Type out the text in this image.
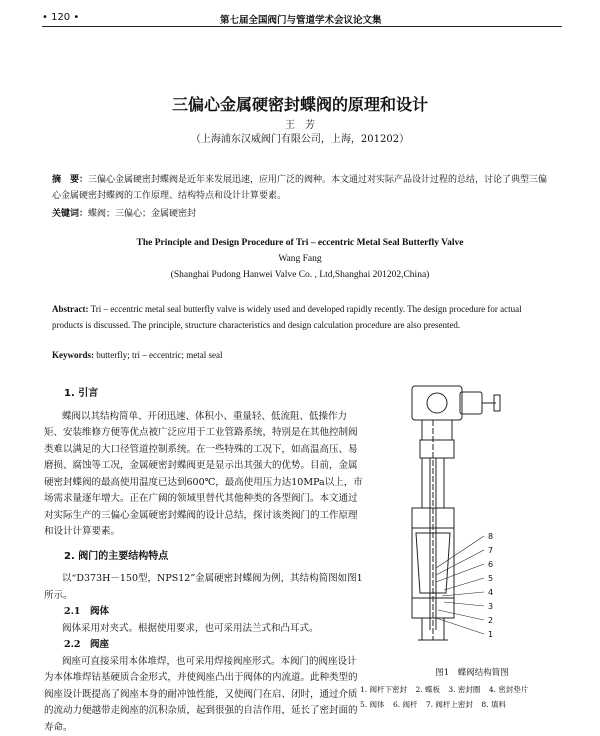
• 120 •	第七届全国阀门与管道学术会议论文集
三偏心金属硬密封蝶阀的原理和设计
王　芳
（上海浦东汉威阀门有限公司，上海，201202）
摘　要：三偏心金属硬密封蝶阀是近年来发展迅速，应用广泛的阀种。本文通过对实际产品设计过程的总结，讨论了典型三偏心金属硬密封蝶阀的工作原理、结构特点和设计计算要素。
关键词：蝶阀；三偏心；金属硬密封
The Principle and Design Procedure of Tri – eccentric Metal Seal Butterfly Valve
Wang Fang
(Shanghai Pudong Hanwei Valve Co. , Ltd,Shanghai 201202,China)
Abstract: Tri – eccentric metal seal butterfly valve is widely used and developed rapidly recently. The design procedure for actual products is discussed. The principle, structure characteristics and design calculation procedure are also presented.
Keywords: butterfly; tri – eccentric; metal seal
1. 引言

蝶阀以其结构简单、开闭迅速、体积小、重量轻、低流阻、低操作力矩、安装维修方便等优点被广泛应用于工业管路系统，特别是在其他控制阀类难以满足的大口径管道控制系统。在一些特殊的工况下，如高温高压、易磨损、腐蚀等工况，金属硬密封蝶阀更是显示出其强大的优势。目前，金属硬密封蝶阀的最高使用温度已达到600℃，最高使用压力达10MPa以上，市场需求量逐年增大。正在广阔的领域里替代其他种类的各型阀门。本文通过对实际生产的三偏心金属硬密封蝶阀的设计总结，探讨该类阀门的工作原理和设计计算要素。

2. 阀门的主要结构特点

以“D373H－150型，NPS12”金属硬密封蝶阀为例，其结构简图如图1所示。

2.1　阀体

阀体采用对夹式。根据使用要求，也可采用法兰式和凸耳式。

2.2　阀座

阀座可直接采用本体堆焊，也可采用焊接阀座形式。本阀门的阀座设计为本体堆焊钴基硬质合金形式，并使阀座凸出于阀体的内流道。此种类型的阀座设计既提高了阀座本身的耐冲蚀性能，又使阀门在启、闭时，通过介质的流动力便越带走阀座的沉积杂质，起到很强的自洁作用，延长了密封面的寿命。

8
7
6
5
4
3
2
1
图1　蝶阀结构简图
1. 阀杆下密封 2. 蝶板 3. 密封圈 4. 密封垫片
5. 阀体 6. 阀杆 7. 阀杆上密封 8. 填料
